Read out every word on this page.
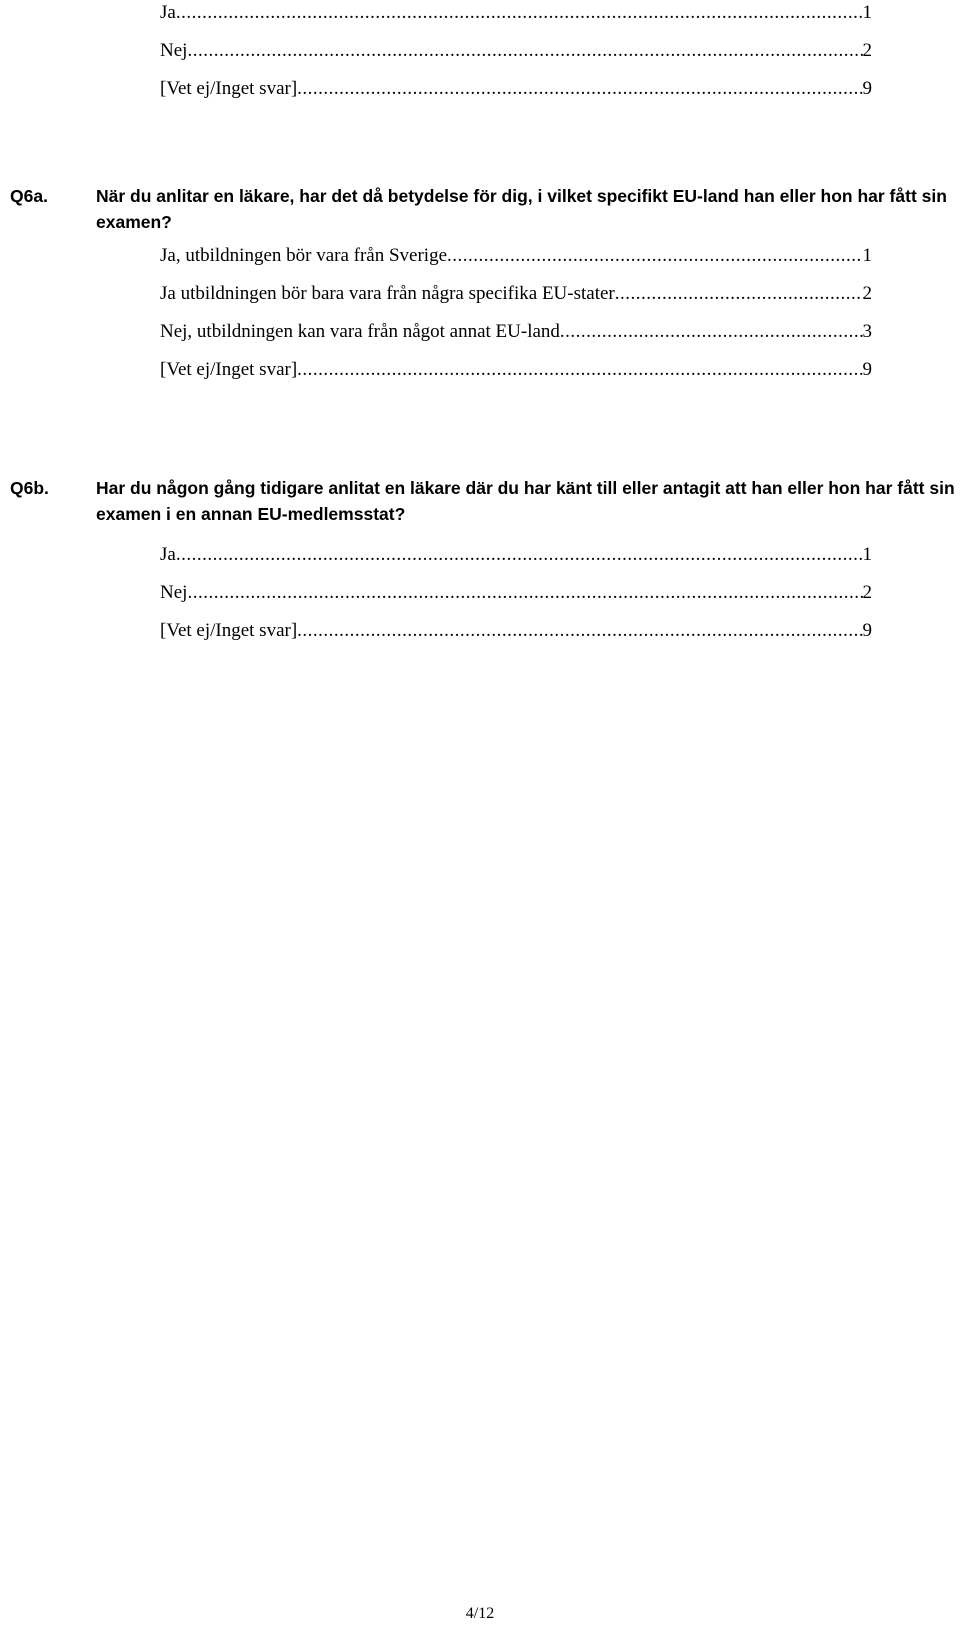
Ja .....	1
Nej .....	2
[Vet ej/Inget svar] .....	9

Q6a.	När du anlitar en läkare, har det då betydelse för dig, i vilket specifikt EU-land han eller hon har fått sin examen?

Ja, utbildningen bör vara från Sverige .....	1
Ja utbildningen bör bara vara från några specifika EU-stater .....	2
Nej, utbildningen kan vara från något annat EU-land .....	3
[Vet ej/Inget svar] .....	9

Q6b.	Har du någon gång tidigare anlitat en läkare där du har känt till eller antagit att han eller hon har fått sin examen i en annan EU-medlemsstat?

Ja .....	1
Nej .....	2
[Vet ej/Inget svar] .....	9
4/12
